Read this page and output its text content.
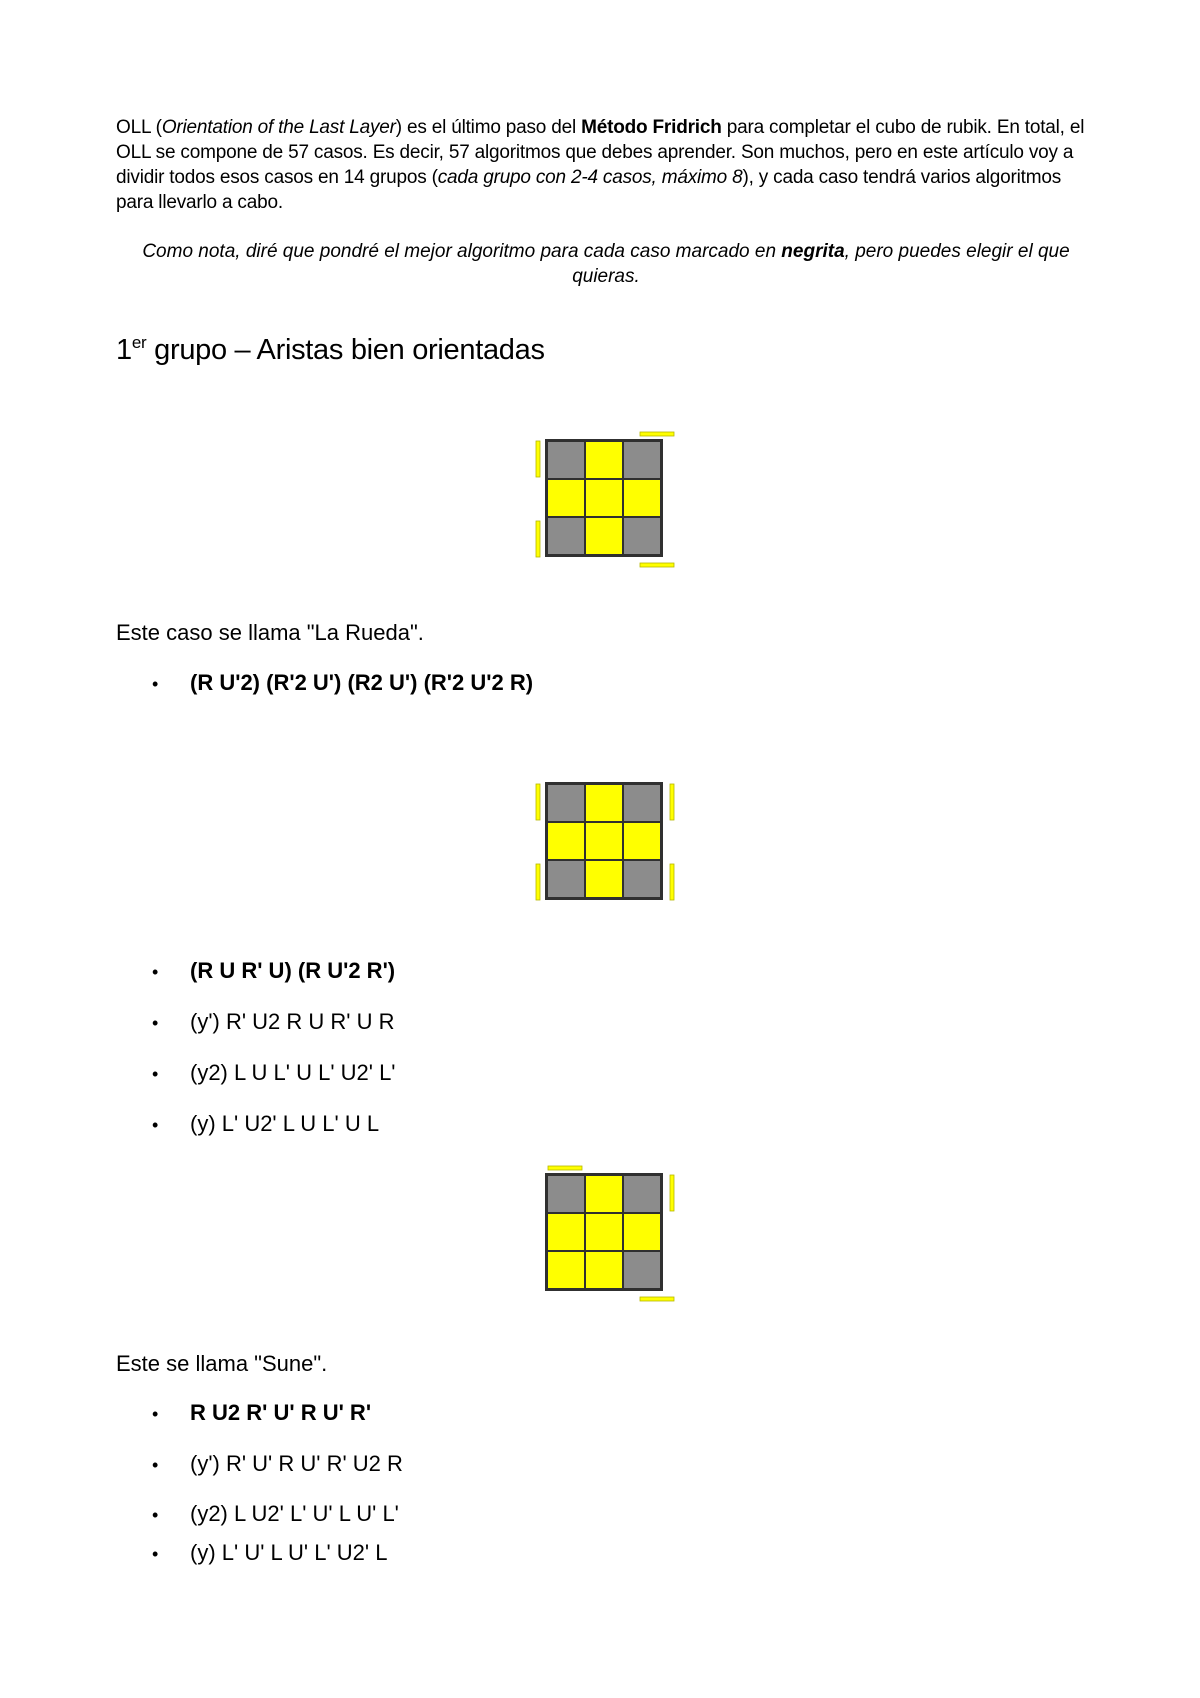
OLL (Orientation of the Last Layer) es el último paso del Método Fridrich para completar el cubo de rubik. En total, el OLL se compone de 57 casos. Es decir, 57 algoritmos que debes aprender. Son muchos, pero en este artículo voy a dividir todos esos casos en 14 grupos (cada grupo con 2-4 casos, máximo 8), y cada caso tendrá varios algoritmos para llevarlo a cabo.

Como nota, diré que pondré el mejor algoritmo para cada caso marcado en negrita, pero puedes elegir el que quieras.

1er grupo – Aristas bien orientadas

Este caso se llama "La Rueda".

•	(R U'2) (R'2 U') (R2 U') (R'2 U'2 R)

•	(R U R' U) (R U'2 R')

•	(y') R' U2 R U R' U R

•	(y2) L U L' U L' U2' L'

•	(y) L' U2' L U L' U L

Este se llama "Sune".

•	R U2 R' U' R U' R'

•	(y') R' U' R U' R' U2 R

•	(y2) L U2' L' U' L U' L'

•	(y) L' U' L U' L' U2' L
